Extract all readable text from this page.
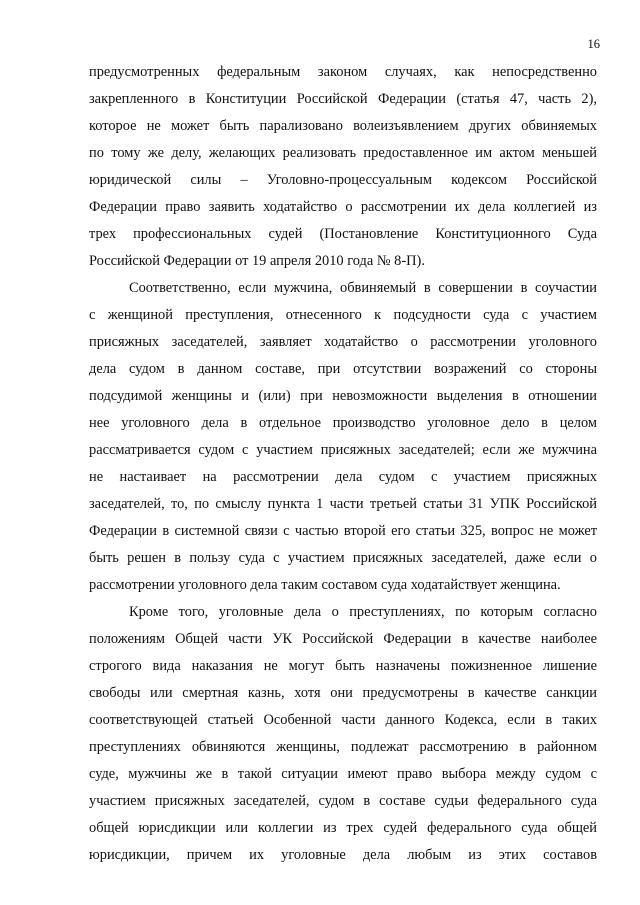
16
предусмотренных федеральным законом случаях, как непосредственно
закрепленного в Конституции Российской Федерации (статья 47, часть 2),
которое не может быть парализовано волеизъявлением других обвиняемых
по тому же делу, желающих реализовать предоставленное им актом меньшей
юридической силы – Уголовно-процессуальным кодексом Российской
Федерации право заявить ходатайство о рассмотрении их дела коллегией из
трех профессиональных судей (Постановление Конституционного Суда
Российской Федерации от 19 апреля 2010 года № 8-П).
Соответственно, если мужчина, обвиняемый в совершении в соучастии
с женщиной преступления, отнесенного к подсудности суда с участием
присяжных заседателей, заявляет ходатайство о рассмотрении уголовного
дела судом в данном составе, при отсутствии возражений со стороны
подсудимой женщины и (или) при невозможности выделения в отношении
нее уголовного дела в отдельное производство уголовное дело в целом
рассматривается судом с участием присяжных заседателей; если же мужчина
не настаивает на рассмотрении дела судом с участием присяжных
заседателей, то, по смыслу пункта 1 части третьей статьи 31 УПК Российской
Федерации в системной связи с частью второй его статьи 325, вопрос не может
быть решен в пользу суда с участием присяжных заседателей, даже если о
рассмотрении уголовного дела таким составом суда ходатайствует женщина.
Кроме того, уголовные дела о преступлениях, по которым согласно
положениям Общей части УК Российской Федерации в качестве наиболее
строгого вида наказания не могут быть назначены пожизненное лишение
свободы или смертная казнь, хотя они предусмотрены в качестве санкции
соответствующей статьей Особенной части данного Кодекса, если в таких
преступлениях обвиняются женщины, подлежат рассмотрению в районном
суде, мужчины же в такой ситуации имеют право выбора между судом с
участием присяжных заседателей, судом в составе судьи федерального суда
общей юрисдикции или коллегии из трех судей федерального суда общей
юрисдикции, причем их уголовные дела любым из этих составов
